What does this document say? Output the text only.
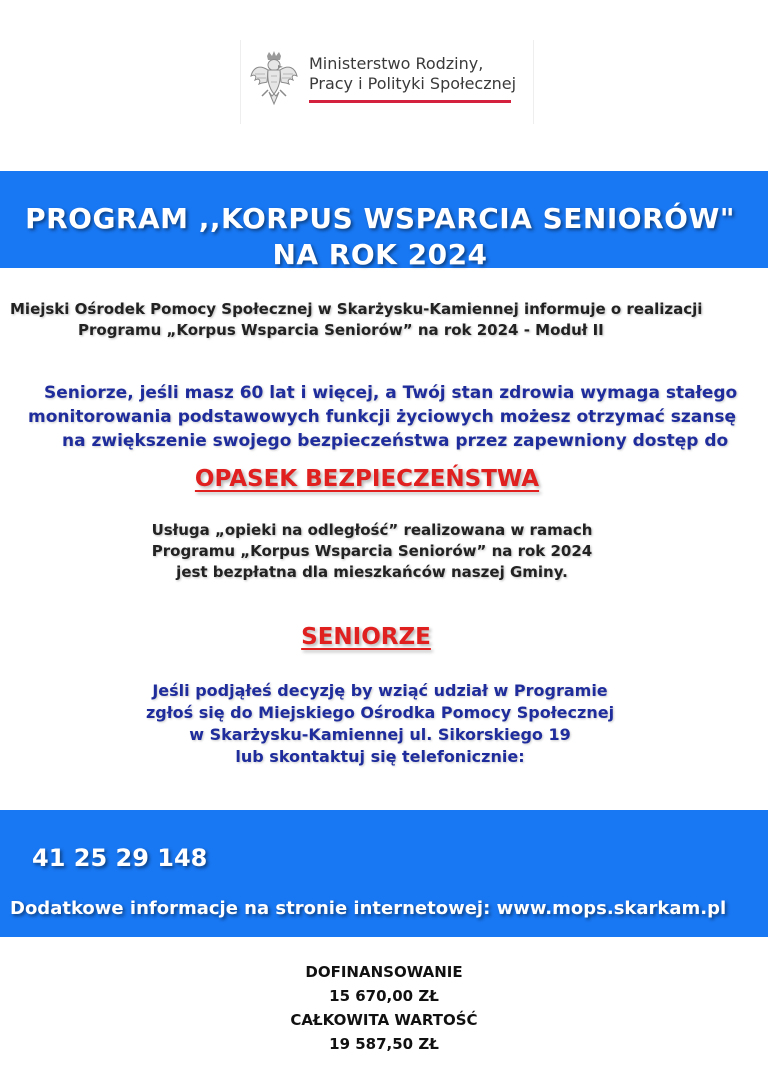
Ministerstwo Rodziny,
Pracy i Polityki Społecznej
PROGRAM ,,KORPUS WSPARCIA SENIORÓW"
NA ROK 2024
Miejski Ośrodek Pomocy Społecznej w Skarżysku-Kamiennej informuje o realizacji
Programu „Korpus Wsparcia Seniorów” na rok 2024 - Moduł II
Seniorze, jeśli masz 60 lat i więcej, a Twój stan zdrowia wymaga stałego
monitorowania podstawowych funkcji życiowych możesz otrzymać szansę
na zwiększenie swojego bezpieczeństwa przez zapewniony dostęp do
OPASEK BEZPIECZEŃSTWA
Usługa „opieki na odległość” realizowana w ramach
Programu „Korpus Wsparcia Seniorów” na rok 2024
jest bezpłatna dla mieszkańców naszej Gminy.
SENIORZE
Jeśli podjąłeś decyzję by wziąć udział w Programie
zgłoś się do Miejskiego Ośrodka Pomocy Społecznej
w Skarżysku-Kamiennej ul. Sikorskiego 19
lub skontaktuj się telefonicznie:
41 25 29 148
Dodatkowe informacje na stronie internetowej: www.mops.skarkam.pl
DOFINANSOWANIE
15 670,00 ZŁ
CAŁKOWITA WARTOŚĆ
19 587,50 ZŁ
